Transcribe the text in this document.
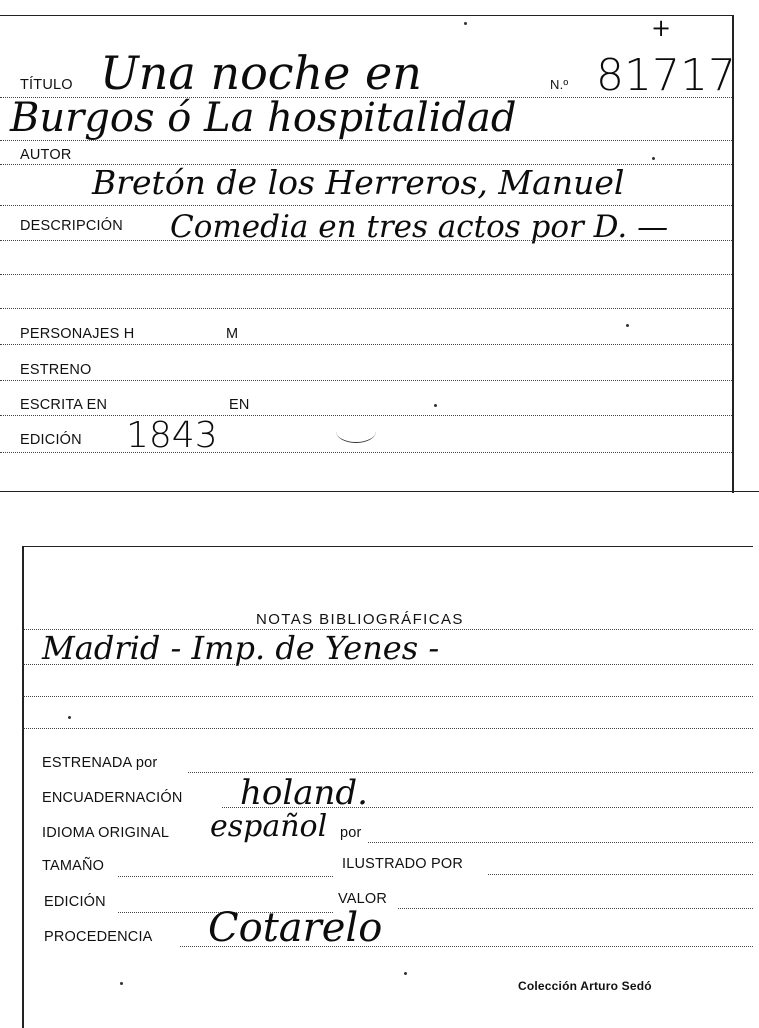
TÍTULO Una noche en	N.º 81717
+
Burgos ó La hospitalidad
AUTOR
Bretón de los Herreros, Manuel
DESCRIPCIÓN Comedia en tres actos por D. —
PERSONAJES H	M
ESTRENO
ESCRITA EN	EN
EDICIÓN 1843
NOTAS BIBLIOGRÁFICAS
Madrid - Imp. de Yenes -
ESTRENADA por
ENCUADERNACIÓN holand.
IDIOMA ORIGINAL español por
TAMAÑO	ILUSTRADO POR
EDICIÓN	VALOR
PROCEDENCIA Cotarelo
Colección Arturo Sedó
